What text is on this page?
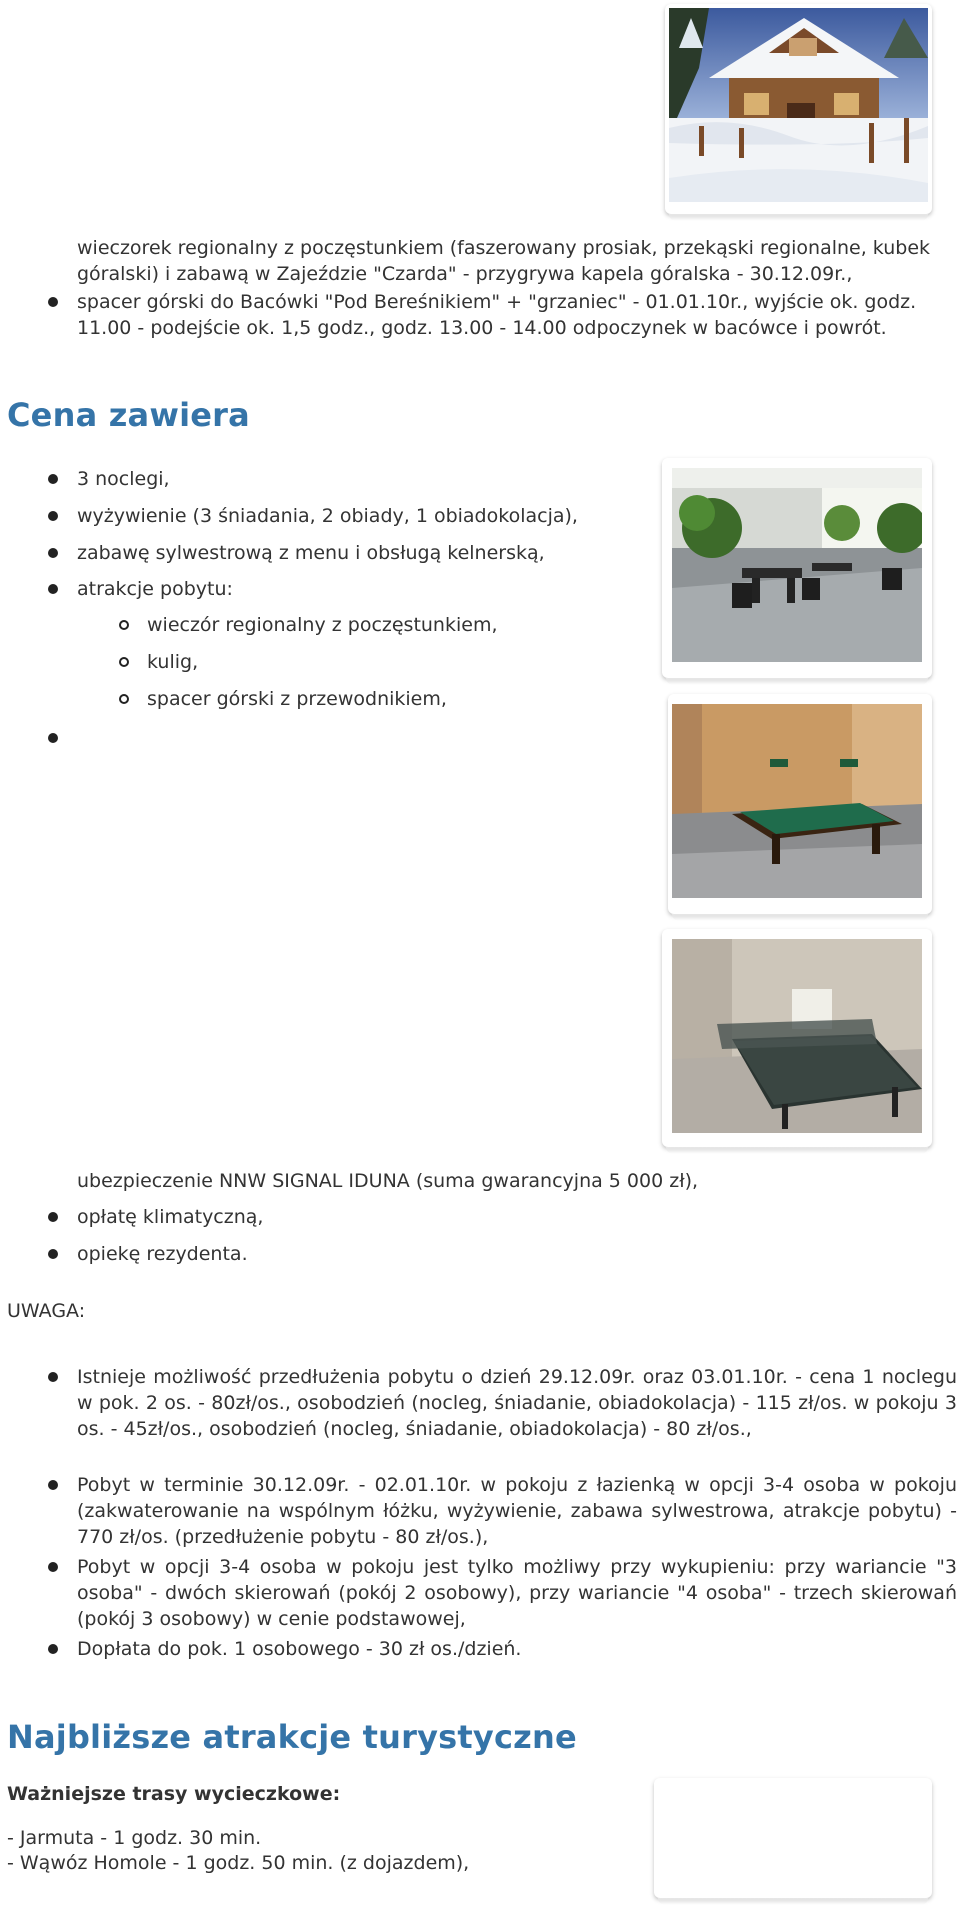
wieczorek regionalny z poczęstunkiem (faszerowany prosiak, przekąski regionalne, kubek
góralski) i zabawą w Zajeździe "Czarda" - przygrywa kapela góralska - 30.12.09r.,
spacer górski do Bacówki "Pod Bereśnikiem" + "grzaniec" - 01.01.10r., wyjście ok. godz.
11.00 - podejście ok. 1,5 godz., godz. 13.00 - 14.00 odpoczynek w bacówce i powrót.
Cena zawiera
3 noclegi,
wyżywienie (3 śniadania, 2 obiady, 1 obiadokolacja),
zabawę sylwestrową z menu i obsługą kelnerską,
atrakcje pobytu:
wieczór regionalny z poczęstunkiem,
kulig,
spacer górski z przewodnikiem,
ubezpieczenie NNW SIGNAL IDUNA (suma gwarancyjna 5 000 zł),
opłatę klimatyczną,
opiekę rezydenta.
UWAGA:
Istnieje możliwość przedłużenia pobytu o dzień 29.12.09r. oraz 03.01.10r. - cena 1 noclegu w pok. 2 os. - 80zł/os., osobodzień (nocleg, śniadanie, obiadokolacja) - 115 zł/os. w pokoju 3 os. - 45zł/os., osobodzień (nocleg, śniadanie, obiadokolacja) - 80 zł/os.,
Pobyt w terminie 30.12.09r. - 02.01.10r. w pokoju z łazienką w opcji 3-4 osoba w pokoju (zakwaterowanie na wspólnym łóżku, wyżywienie, zabawa sylwestrowa, atrakcje pobytu) - 770 zł/os. (przedłużenie pobytu - 80 zł/os.),
Pobyt w opcji 3-4 osoba w pokoju jest tylko możliwy przy wykupieniu: przy wariancie "3 osoba" - dwóch skierowań (pokój 2 osobowy), przy wariancie "4 osoba" - trzech skierowań (pokój 3 osobowy) w cenie podstawowej,
Dopłata do pok. 1 osobowego - 30 zł os./dzień.
Najbliższe atrakcje turystyczne
Ważniejsze trasy wycieczkowe:
- Jarmuta - 1 godz. 30 min.
- Wąwóz Homole - 1 godz. 50 min. (z dojazdem),
